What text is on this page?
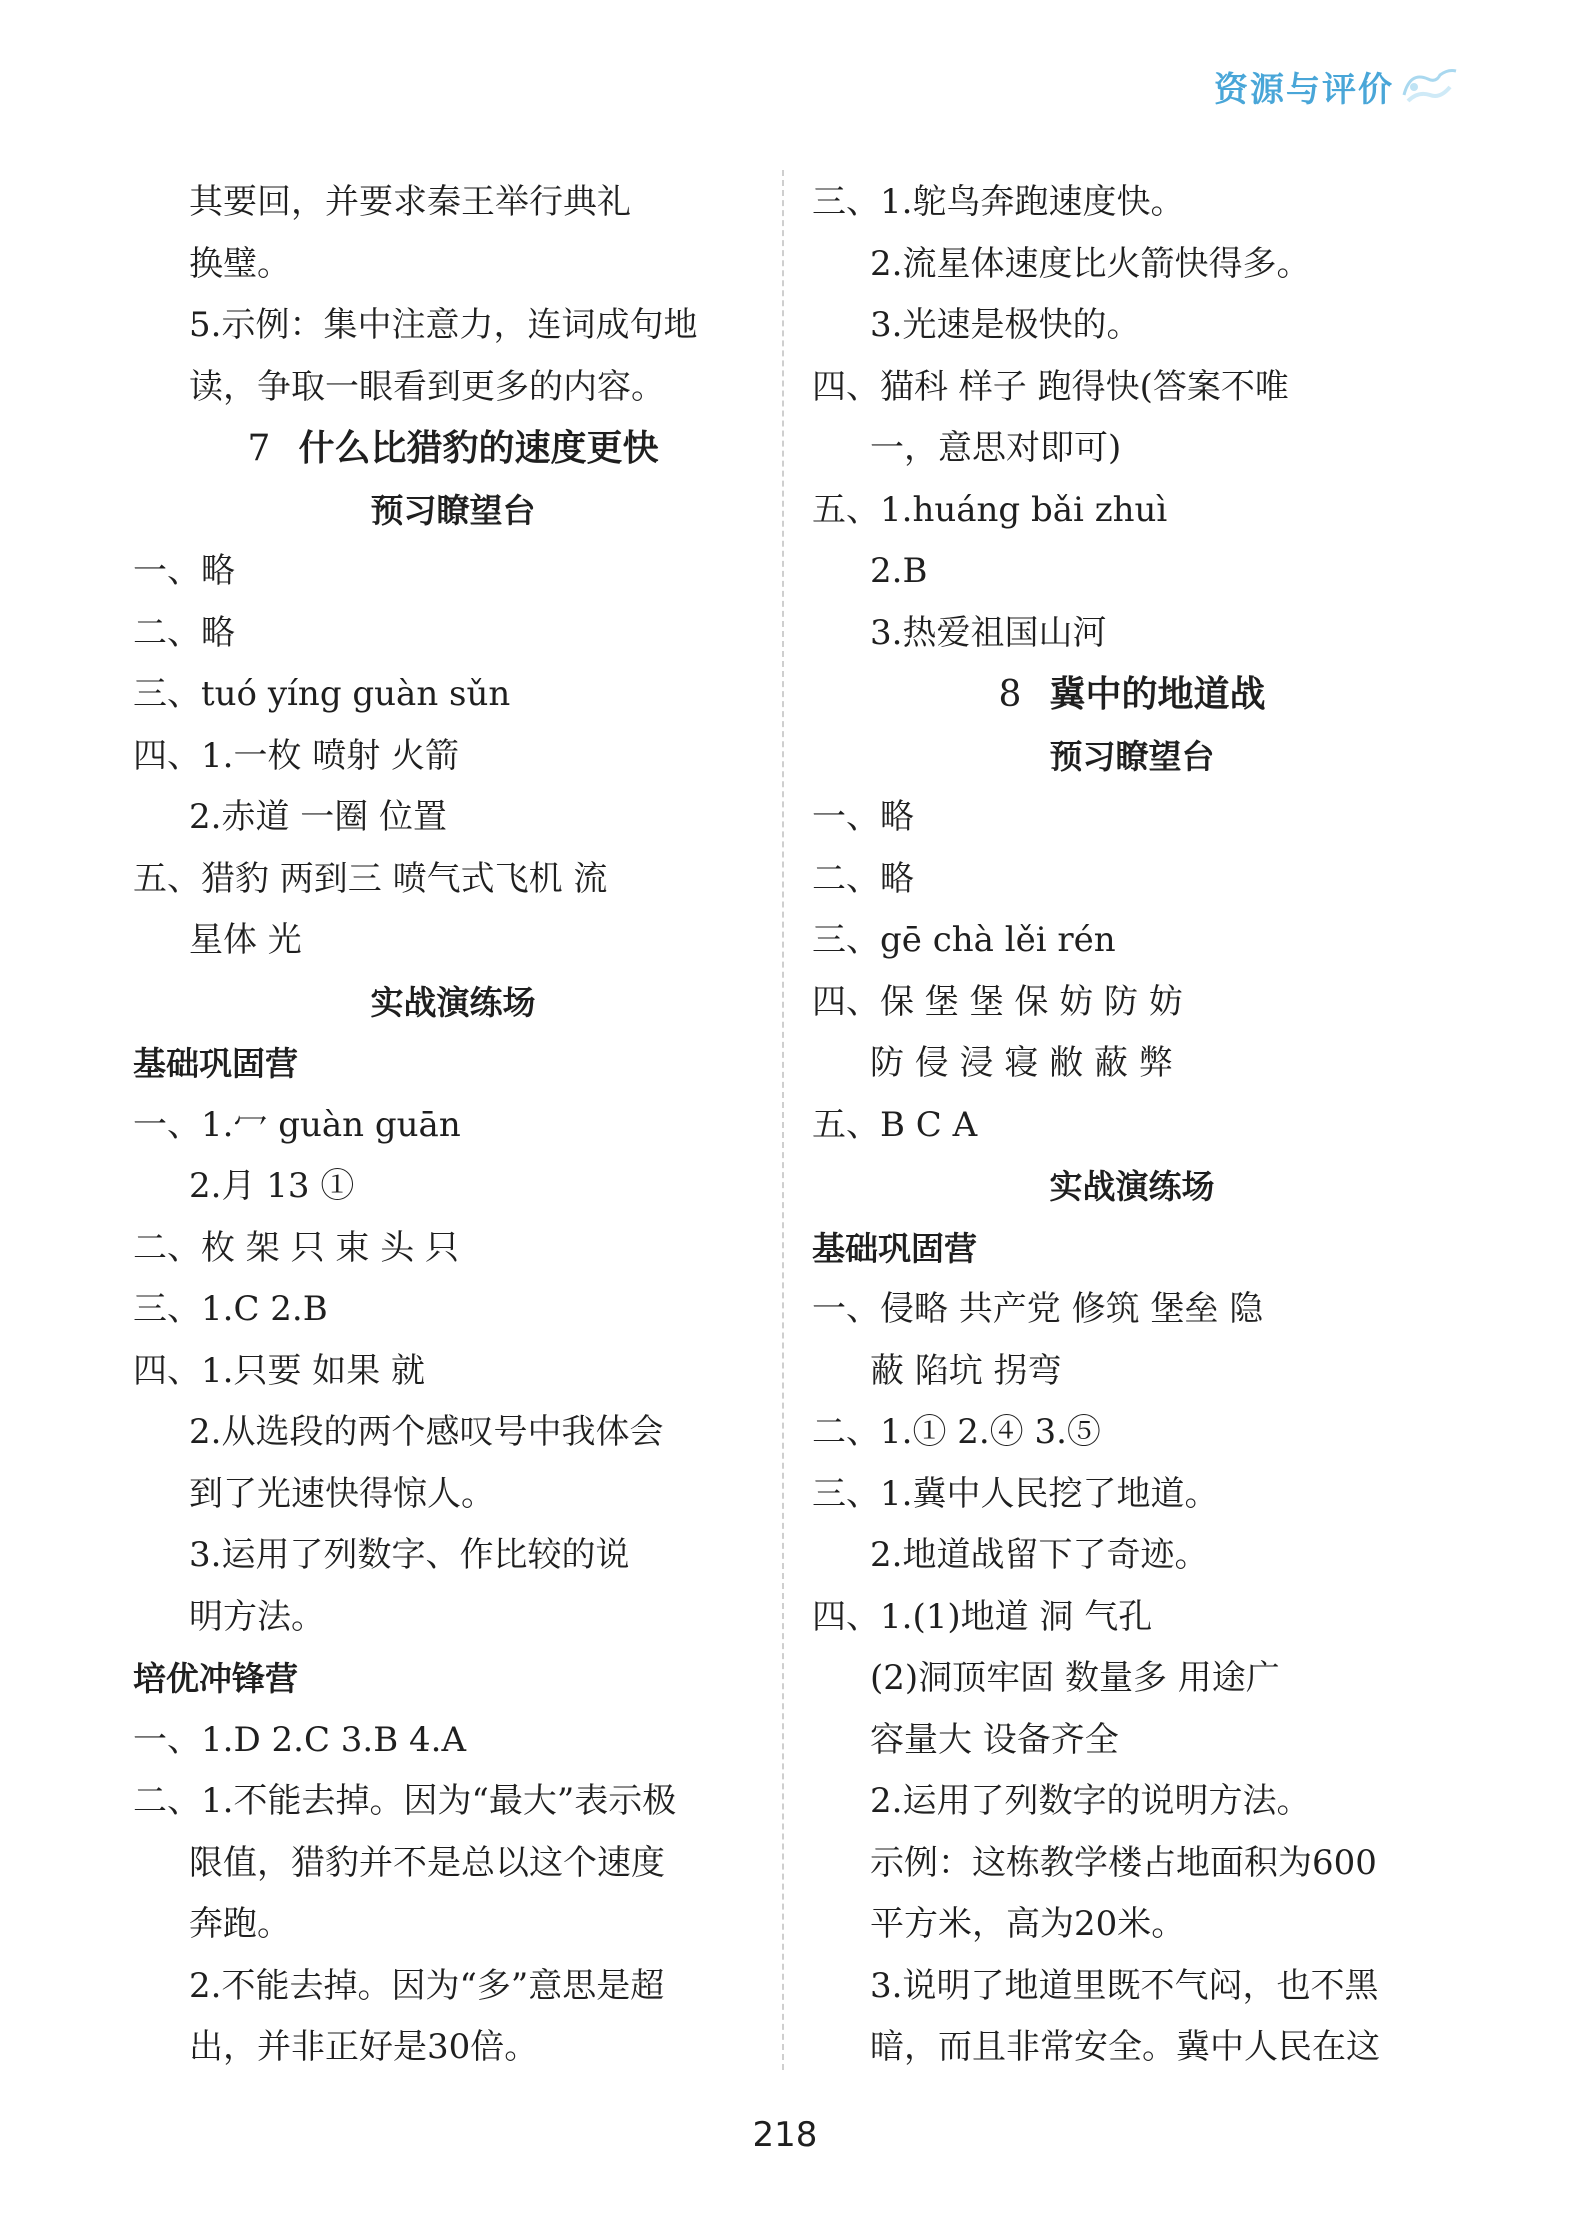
资源与评价
其要回，并要求秦王举行典礼
换璧。
5.示例：集中注意力，连词成句地
读，争取一眼看到更多的内容。
7 什么比猎豹的速度更快
预习瞭望台
一、略
二、略
三、tuó yíng guàn sǔn
四、1.一枚 喷射 火箭
2.赤道 一圈 位置
五、猎豹 两到三 喷气式飞机 流
星体 光
实战演练场
基础巩固营
一、1.冖 guàn guān
2.月 13 ①
二、枚 架 只 束 头 只
三、1.C 2.B
四、1.只要 如果 就
2.从选段的两个感叹号中我体会
到了光速快得惊人。
3.运用了列数字、作比较的说
明方法。
培优冲锋营
一、1.D 2.C 3.B 4.A
二、1.不能去掉。因为“最大”表示极
限值，猎豹并不是总以这个速度
奔跑。
2.不能去掉。因为“多”意思是超
出，并非正好是30倍。
三、1.鸵鸟奔跑速度快。
2.流星体速度比火箭快得多。
3.光速是极快的。
四、猫科 样子 跑得快(答案不唯
一，意思对即可)
五、1.huáng bǎi zhuì
2.B
3.热爱祖国山河
8 冀中的地道战
预习瞭望台
一、略
二、略
三、gē chà lěi rén
四、保 堡 堡 保 妨 防 妨
防 侵 浸 寝 敝 蔽 弊
五、B C A
实战演练场
基础巩固营
一、侵略 共产党 修筑 堡垒 隐
蔽 陷坑 拐弯
二、1.① 2.④ 3.⑤
三、1.冀中人民挖了地道。
2.地道战留下了奇迹。
四、1.(1)地道 洞 气孔
(2)洞顶牢固 数量多 用途广
容量大 设备齐全
2.运用了列数字的说明方法。
示例：这栋教学楼占地面积为600
平方米，高为20米。
3.说明了地道里既不气闷，也不黑
暗，而且非常安全。冀中人民在这
218
